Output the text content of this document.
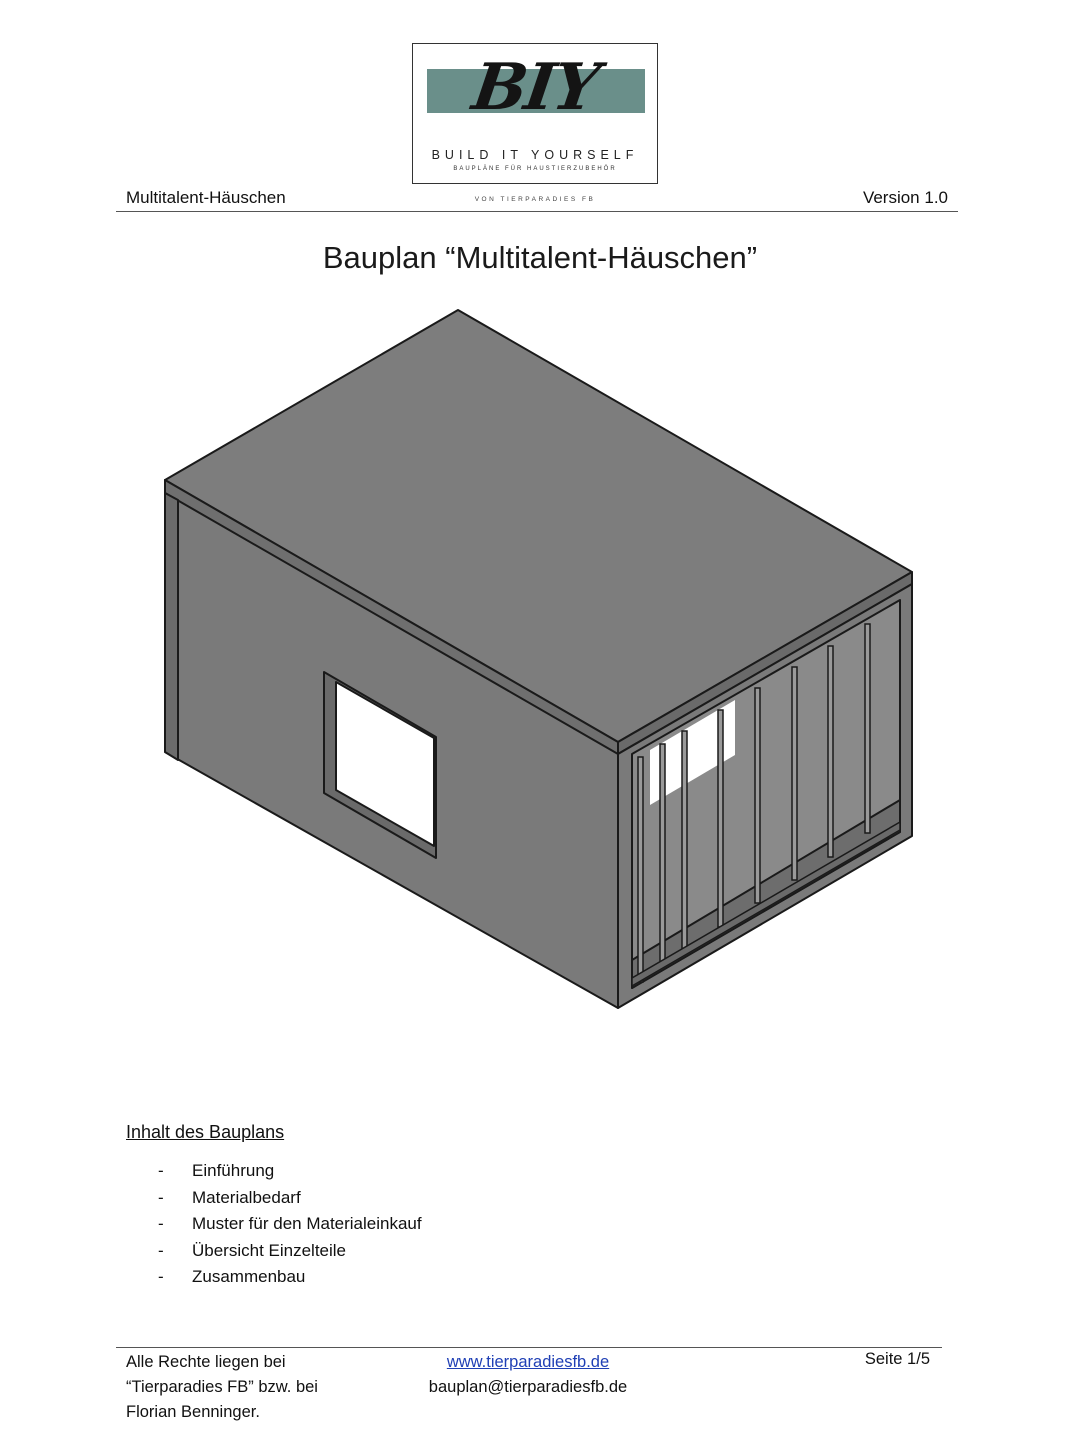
BIY
BUILD IT YOURSELF
BAUPLÄNE FÜR HAUSTIERZUBEHÖR
VON TIERPARADIES FB
Multitalent-Häuschen	Version 1.0
Bauplan “Multitalent-Häuschen”
Inhalt des Bauplans
-	Einführung
-	Materialbedarf
-	Muster für den Materialeinkauf
-	Übersicht Einzelteile
-	Zusammenbau
Alle Rechte liegen bei
“Tierparadies FB” bzw. bei
Florian Benninger.
www.tierparadiesfb.de
bauplan@tierparadiesfb.de
Seite 1/5
